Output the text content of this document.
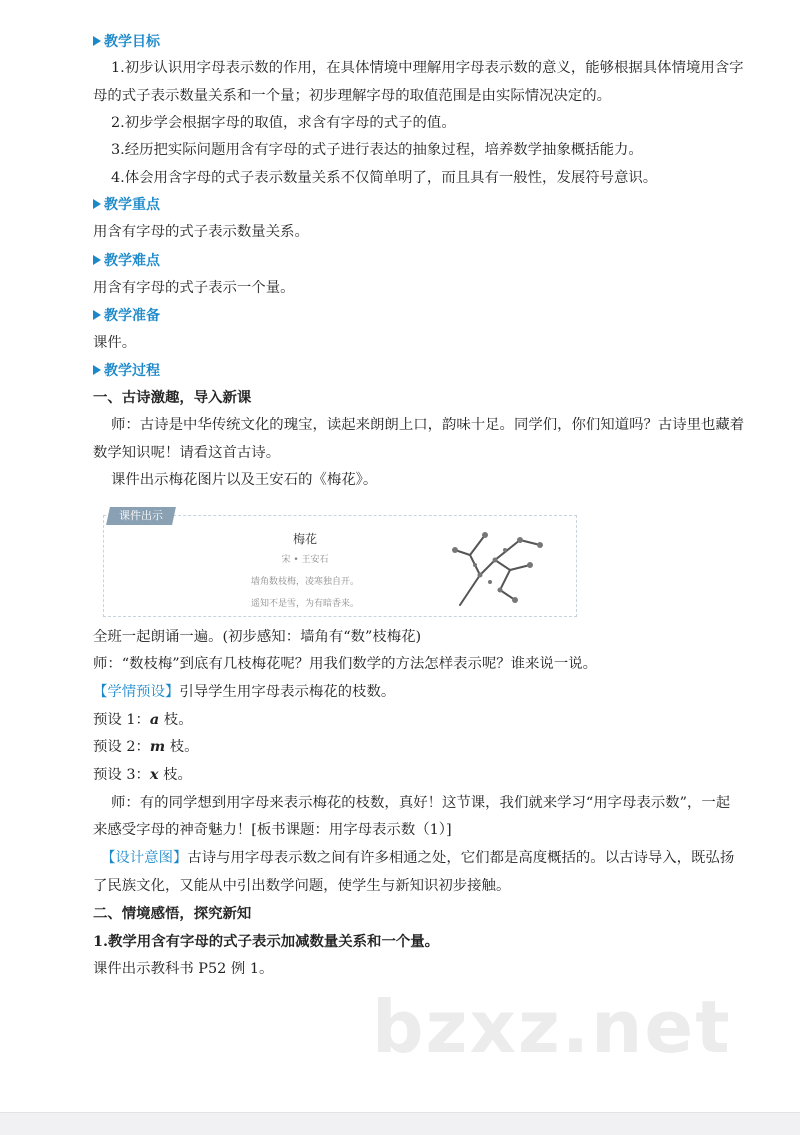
教学目标
1.初步认识用字母表示数的作用，在具体情境中理解用字母表示数的意义，能够根据具体情境用含字
母的式子表示数量关系和一个量；初步理解字母的取值范围是由实际情况决定的。
2.初步学会根据字母的取值，求含有字母的式子的值。
3.经历把实际问题用含有字母的式子进行表达的抽象过程，培养数学抽象概括能力。
4.体会用含字母的式子表示数量关系不仅简单明了，而且具有一般性，发展符号意识。
教学重点
用含有字母的式子表示数量关系。
教学难点
用含有字母的式子表示一个量。
教学准备
课件。
教学过程
一、古诗激趣，导入新课
师：古诗是中华传统文化的瑰宝，读起来朗朗上口，韵味十足。同学们，你们知道吗？古诗里也藏着
数学知识呢！请看这首古诗。
课件出示梅花图片以及王安石的《梅花》。
课件出示
梅花
宋 • 王安石
墙角数枝梅，凌寒独自开。
遥知不是雪，为有暗香来。
全班一起朗诵一遍。(初步感知：墙角有“数”枝梅花)
师：“数枝梅”到底有几枝梅花呢？用我们数学的方法怎样表示呢？谁来说一说。
【学情预设】引导学生用字母表示梅花的枝数。
预设 1：a 枝。
预设 2：m 枝。
预设 3：x 枝。
师：有的同学想到用字母来表示梅花的枝数，真好！这节课，我们就来学习“用字母表示数”，一起
来感受字母的神奇魅力！[板书课题：用字母表示数（1）]
【设计意图】古诗与用字母表示数之间有许多相通之处，它们都是高度概括的。以古诗导入，既弘扬
了民族文化，又能从中引出数学问题，使学生与新知识初步接触。
二、情境感悟，探究新知
1.教学用含有字母的式子表示加减数量关系和一个量。
课件出示教科书 P52 例 1。
bzxz.net
